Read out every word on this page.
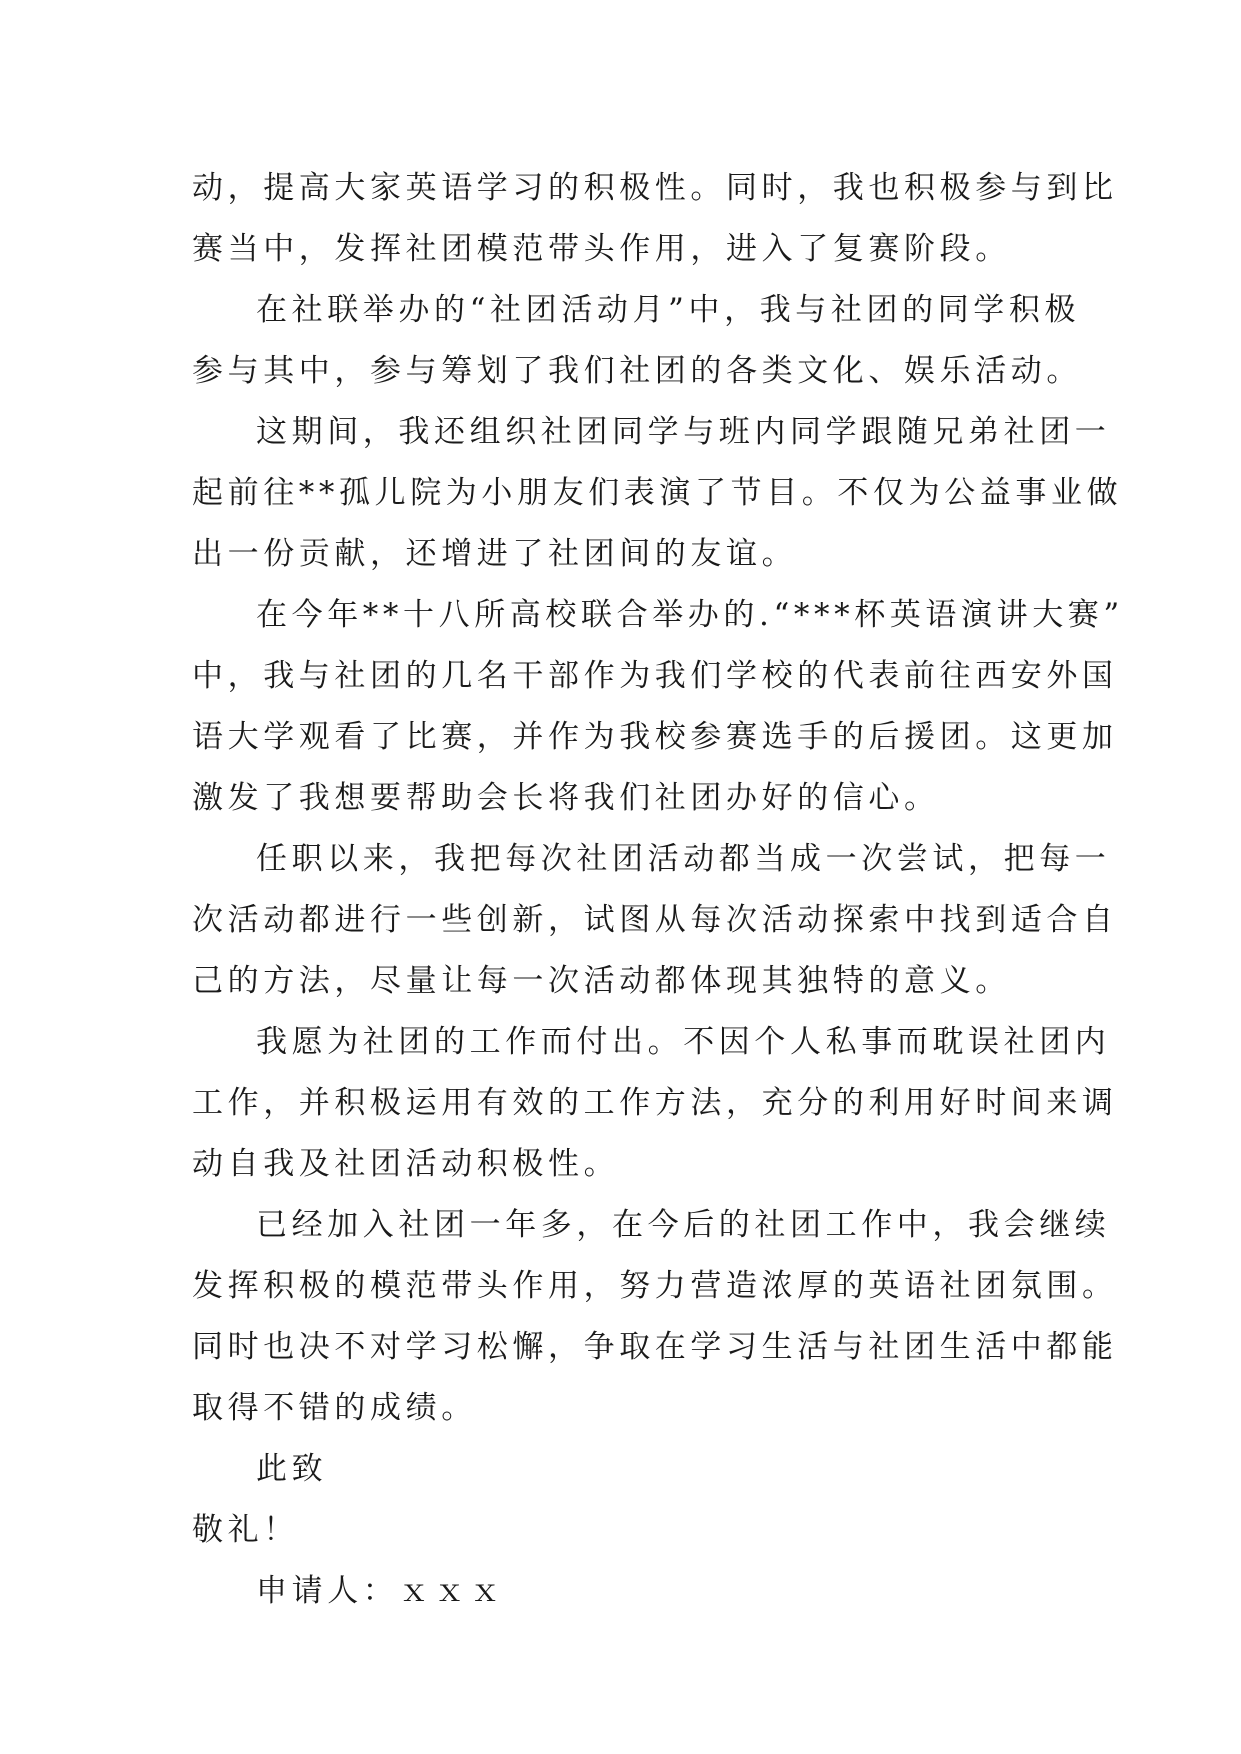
动，提高大家英语学习的积极性。同时，我也积极参与到比
赛当中，发挥社团模范带头作用，进入了复赛阶段。
在社联举办的“社团活动月”中，我与社团的同学积极
参与其中，参与筹划了我们社团的各类文化、娱乐活动。
这期间，我还组织社团同学与班内同学跟随兄弟社团一
起前往**孤儿院为小朋友们表演了节目。不仅为公益事业做
出一份贡献，还增进了社团间的友谊。
在今年**十八所高校联合举办的.“***杯英语演讲大赛”
中，我与社团的几名干部作为我们学校的代表前往西安外国
语大学观看了比赛，并作为我校参赛选手的后援团。这更加
激发了我想要帮助会长将我们社团办好的信心。
任职以来，我把每次社团活动都当成一次尝试，把每一
次活动都进行一些创新，试图从每次活动探索中找到适合自
己的方法，尽量让每一次活动都体现其独特的意义。
我愿为社团的工作而付出。不因个人私事而耽误社团内
工作，并积极运用有效的工作方法，充分的利用好时间来调
动自我及社团活动积极性。
已经加入社团一年多，在今后的社团工作中，我会继续
发挥积极的模范带头作用，努力营造浓厚的英语社团氛围。
同时也决不对学习松懈，争取在学习生活与社团生活中都能
取得不错的成绩。
此致
敬礼！
申请人：ｘｘｘ
